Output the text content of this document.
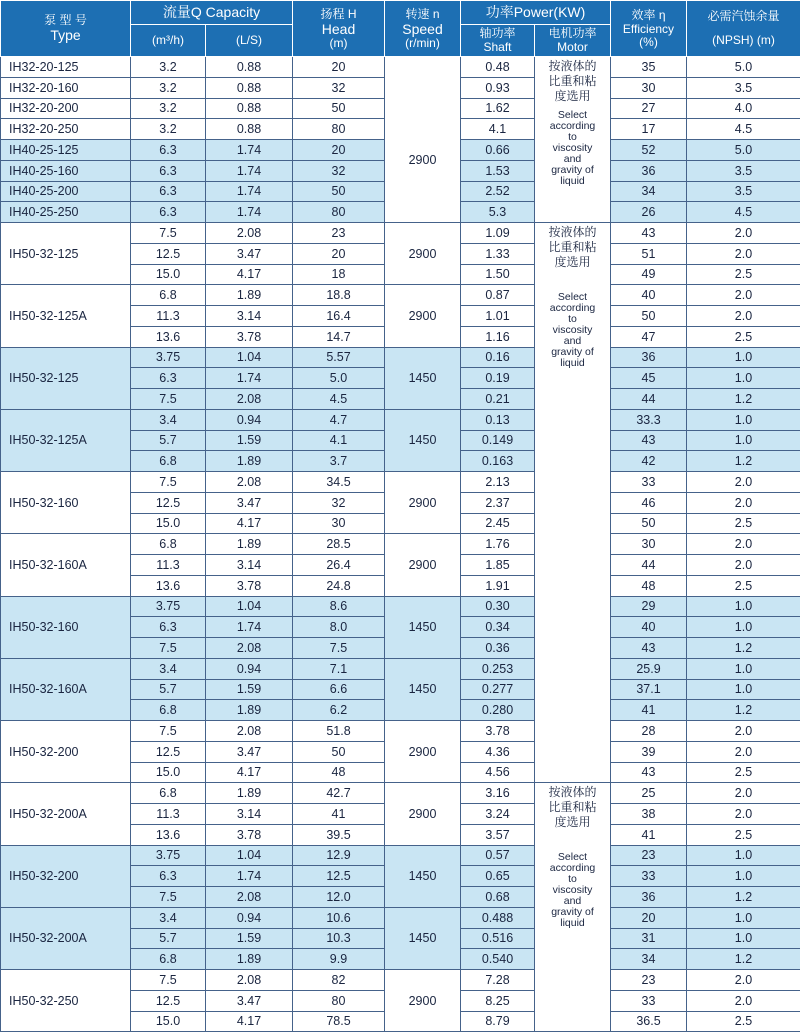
泵 型 号
Type	流量Q Capacity		扬程 H
Head
(m)	转速 n
Speed
(r/min)	功率Power(KW)		效率 η
Efficiency
(%)	必需汽蚀余量
(NPSH) (m)

	(m³/h)	(L/S)			轴功率
Shaft	电机功率
Motor		

IH32-20-125	3.2	0.88	20	2900	0.48	按液体的比重和粘度选用
Select according to viscosity and gravity of liquid	35	5.0
IH32-20-160	3.2	0.88	32		0.93		30	3.5
IH32-20-200	3.2	0.88	50		1.62		27	4.0
IH32-20-250	3.2	0.88	80		4.1		17	4.5
IH40-25-125	6.3	1.74	20		0.66		52	5.0
IH40-25-160	6.3	1.74	32		1.53		36	3.5
IH40-25-200	6.3	1.74	50		2.52		34	3.5
IH40-25-250	6.3	1.74	80		5.3		26	4.5
IH50-32-125	7.5	2.08	23	2900	1.09	按液体的比重和粘度选用
Select according to viscosity and gravity of liquid	43	2.0
	12.5	3.47	20		1.33		51	2.0
	15.0	4.17	18		1.50		49	2.5
IH50-32-125A	6.8	1.89	18.8	2900	0.87		40	2.0
	11.3	3.14	16.4		1.01		50	2.0
	13.6	3.78	14.7		1.16		47	2.5
IH50-32-125	3.75	1.04	5.57	1450	0.16		36	1.0
	6.3	1.74	5.0		0.19		45	1.0
	7.5	2.08	4.5		0.21		44	1.2
IH50-32-125A	3.4	0.94	4.7	1450	0.13		33.3	1.0
	5.7	1.59	4.1		0.149		43	1.0
	6.8	1.89	3.7		0.163		42	1.2
IH50-32-160	7.5	2.08	34.5	2900	2.13		33	2.0
	12.5	3.47	32		2.37		46	2.0
	15.0	4.17	30		2.45		50	2.5
IH50-32-160A	6.8	1.89	28.5	2900	1.76		30	2.0
	11.3	3.14	26.4		1.85		44	2.0
	13.6	3.78	24.8		1.91		48	2.5
IH50-32-160	3.75	1.04	8.6	1450	0.30		29	1.0
	6.3	1.74	8.0		0.34		40	1.0
	7.5	2.08	7.5		0.36		43	1.2
IH50-32-160A	3.4	0.94	7.1	1450	0.253		25.9	1.0
	5.7	1.59	6.6		0.277		37.1	1.0
	6.8	1.89	6.2		0.280		41	1.2
IH50-32-200	7.5	2.08	51.8	2900	3.78		28	2.0
	12.5	3.47	50		4.36		39	2.0
	15.0	4.17	48		4.56		43	2.5
IH50-32-200A	6.8	1.89	42.7	2900	3.16	按液体的比重和粘度选用
Select according to viscosity and gravity of liquid	25	2.0
	11.3	3.14	41		3.24		38	2.0
	13.6	3.78	39.5		3.57		41	2.5
IH50-32-200	3.75	1.04	12.9	1450	0.57		23	1.0
	6.3	1.74	12.5		0.65		33	1.0
	7.5	2.08	12.0		0.68		36	1.2
IH50-32-200A	3.4	0.94	10.6	1450	0.488		20	1.0
	5.7	1.59	10.3		0.516		31	1.0
	6.8	1.89	9.9		0.540		34	1.2
IH50-32-250	7.5	2.08	82	2900	7.28		23	2.0
	12.5	3.47	80		8.25		33	2.0
	15.0	4.17	78.5		8.79		36.5	2.5
